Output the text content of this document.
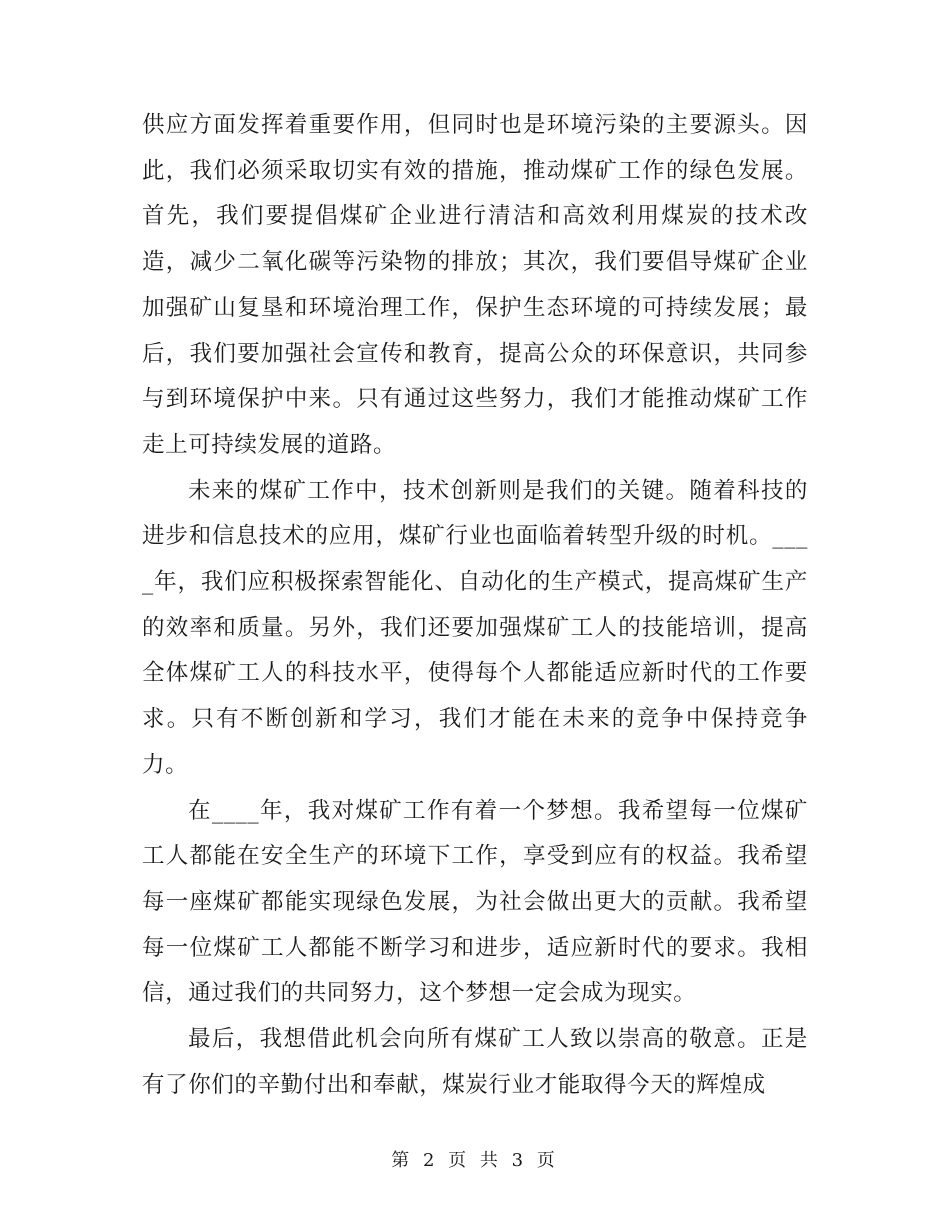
供应方面发挥着重要作用，但同时也是环境污染的主要源头。因此，我们必须采取切实有效的措施，推动煤矿工作的绿色发展。首先，我们要提倡煤矿企业进行清洁和高效利用煤炭的技术改造，减少二氧化碳等污染物的排放；其次，我们要倡导煤矿企业加强矿山复垦和环境治理工作，保护生态环境的可持续发展；最后，我们要加强社会宣传和教育，提高公众的环保意识，共同参与到环境保护中来。只有通过这些努力，我们才能推动煤矿工作走上可持续发展的道路。

未来的煤矿工作中，技术创新则是我们的关键。随着科技的进步和信息技术的应用，煤矿行业也面临着转型升级的时机。____年，我们应积极探索智能化、自动化的生产模式，提高煤矿生产的效率和质量。另外，我们还要加强煤矿工人的技能培训，提高全体煤矿工人的科技水平，使得每个人都能适应新时代的工作要求。只有不断创新和学习，我们才能在未来的竞争中保持竞争力。

在____年，我对煤矿工作有着一个梦想。我希望每一位煤矿工人都能在安全生产的环境下工作，享受到应有的权益。我希望每一座煤矿都能实现绿色发展，为社会做出更大的贡献。我希望每一位煤矿工人都能不断学习和进步，适应新时代的要求。我相信，通过我们的共同努力，这个梦想一定会成为现实。

最后，我想借此机会向所有煤矿工人致以崇高的敬意。正是有了你们的辛勤付出和奉献，煤炭行业才能取得今天的辉煌成

第 2 页 共 3 页
